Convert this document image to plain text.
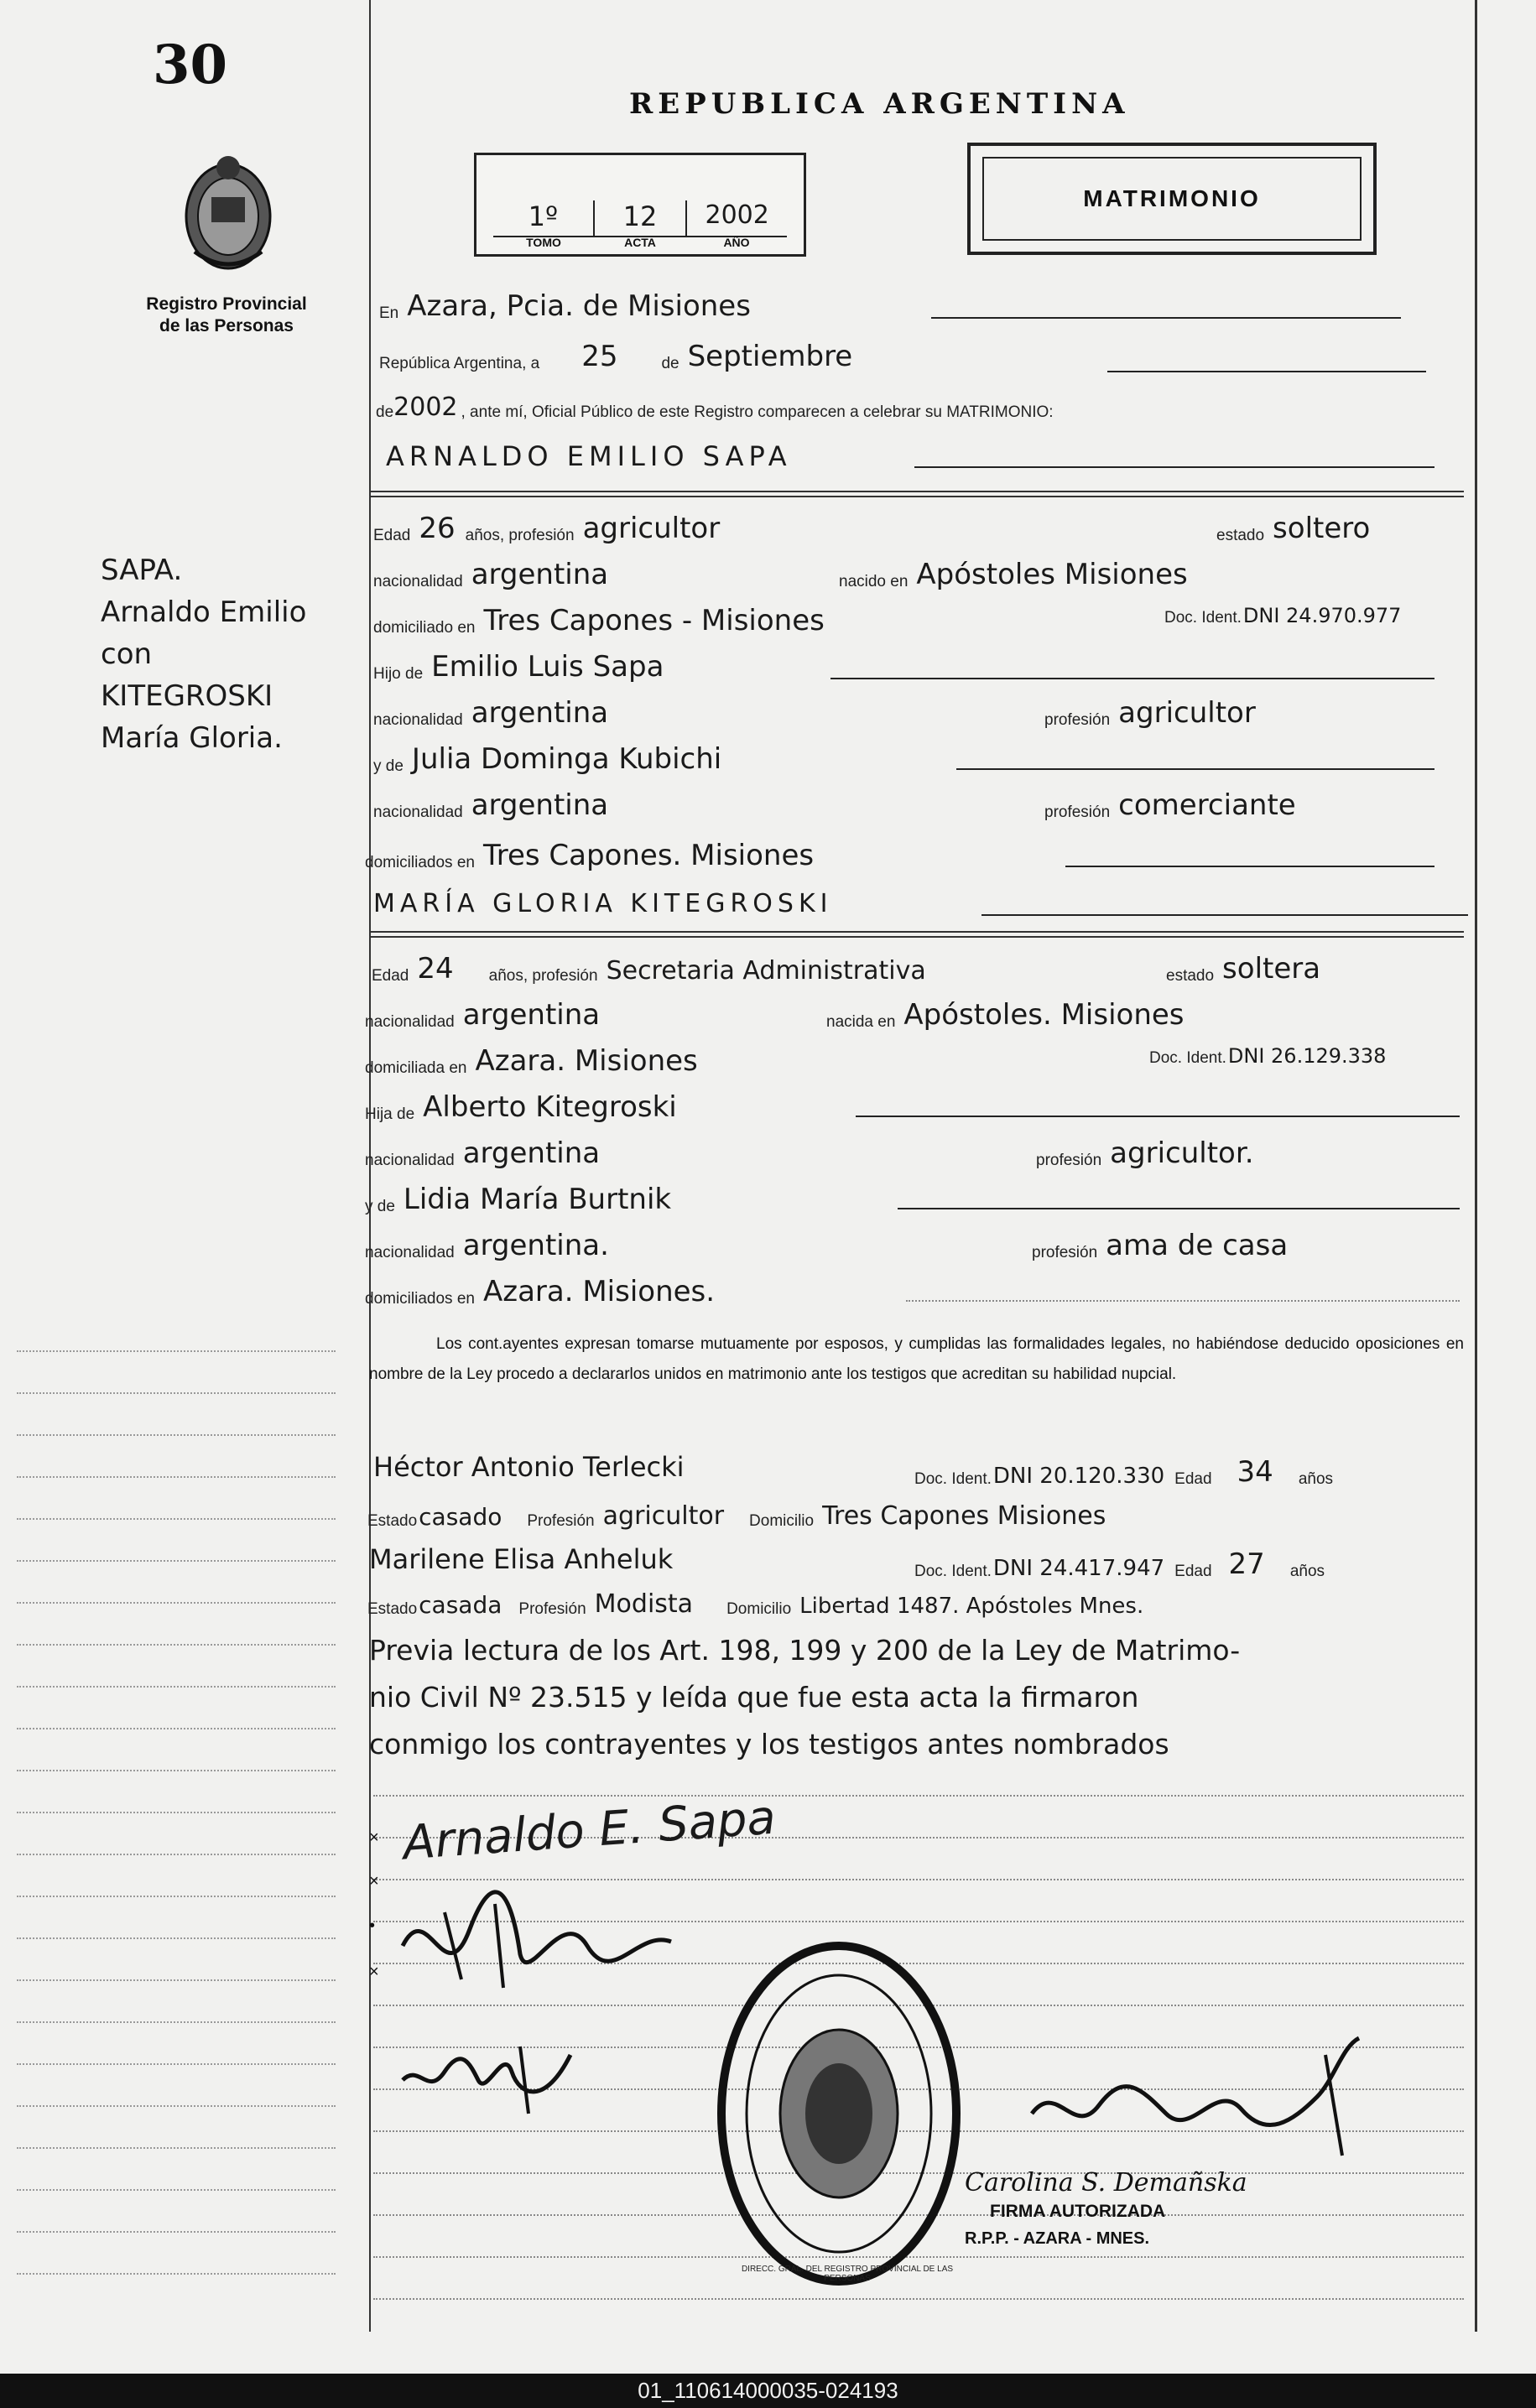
30
Registro Provincial
de las Personas
SAPA.
Arnaldo Emilio
con
KITEGROSKI
María Gloria.
REPUBLICA ARGENTINA
1º	12	2002
TOMO	ACTA	AÑO
MATRIMONIO
En Azara, Pcia. de Misiones
República Argentina, a 25	de Septiembre
de 2002 , ante mí, Oficial Público de este Registro comparecen a celebrar su MATRIMONIO:
ARNALDO EMILIO SAPA
Edad 26 años, profesión agricultor	estado soltero
nacionalidad argentina	nacido en Apóstoles Misiones
domiciliado en Tres Capones - Misiones	Doc. Ident. DNI 24.970.977
Hijo de Emilio Luis Sapa
nacionalidad argentina	profesión agricultor
y de Julia Dominga Kubichi
nacionalidad argentina	profesión comerciante
domiciliados en Tres Capones. Misiones
MARÍA GLORIA KITEGROSKI
Edad 24 años, profesión Secretaria Administrativa	estado soltera
nacionalidad argentina	nacida en Apóstoles. Misiones
domiciliada en Azara. Misiones	Doc. Ident. DNI 26.129.338
Hija de Alberto Kitegroski
nacionalidad argentina	profesión agricultor.
y de Lidia María Burtnik
nacionalidad argentina.	profesión ama de casa
domiciliados en Azara. Misiones.
Los cont.ayentes expresan tomarse mutuamente por esposos, y cumplidas las formalidades legales, no habiéndose deducido oposiciones en nombre de la Ley procedo a declararlos unidos en matrimonio ante los testigos que acreditan su habilidad nupcial.
Héctor Antonio Terlecki	Doc. Ident. DNI 20.120.330 Edad 34 años
Estado casado Profesión agricultor Domicilio Tres Capones Misiones
Marilene Elisa Anheluk	Doc. Ident. DNI 24.417.947 Edad 27 años
Estado casada Profesión Modista Domicilio Libertad 1487. Apóstoles Mnes.
Previa lectura de los Art. 198, 199 y 200 de la Ley de Matrimo-
nio Civil Nº 23.515 y leída que fue esta acta la firmaron
conmigo los contrayentes y los testigos antes nombrados
×
×
•
×
Arnaldo E. Sapa
DIRECC. GRAL. DEL REGISTRO PROVINCIAL DE LAS PERSONAS
Carolina S. Demañska
FIRMA AUTORIZADA
R.P.P. - AZARA - MNES.
01_110614000035-024193
